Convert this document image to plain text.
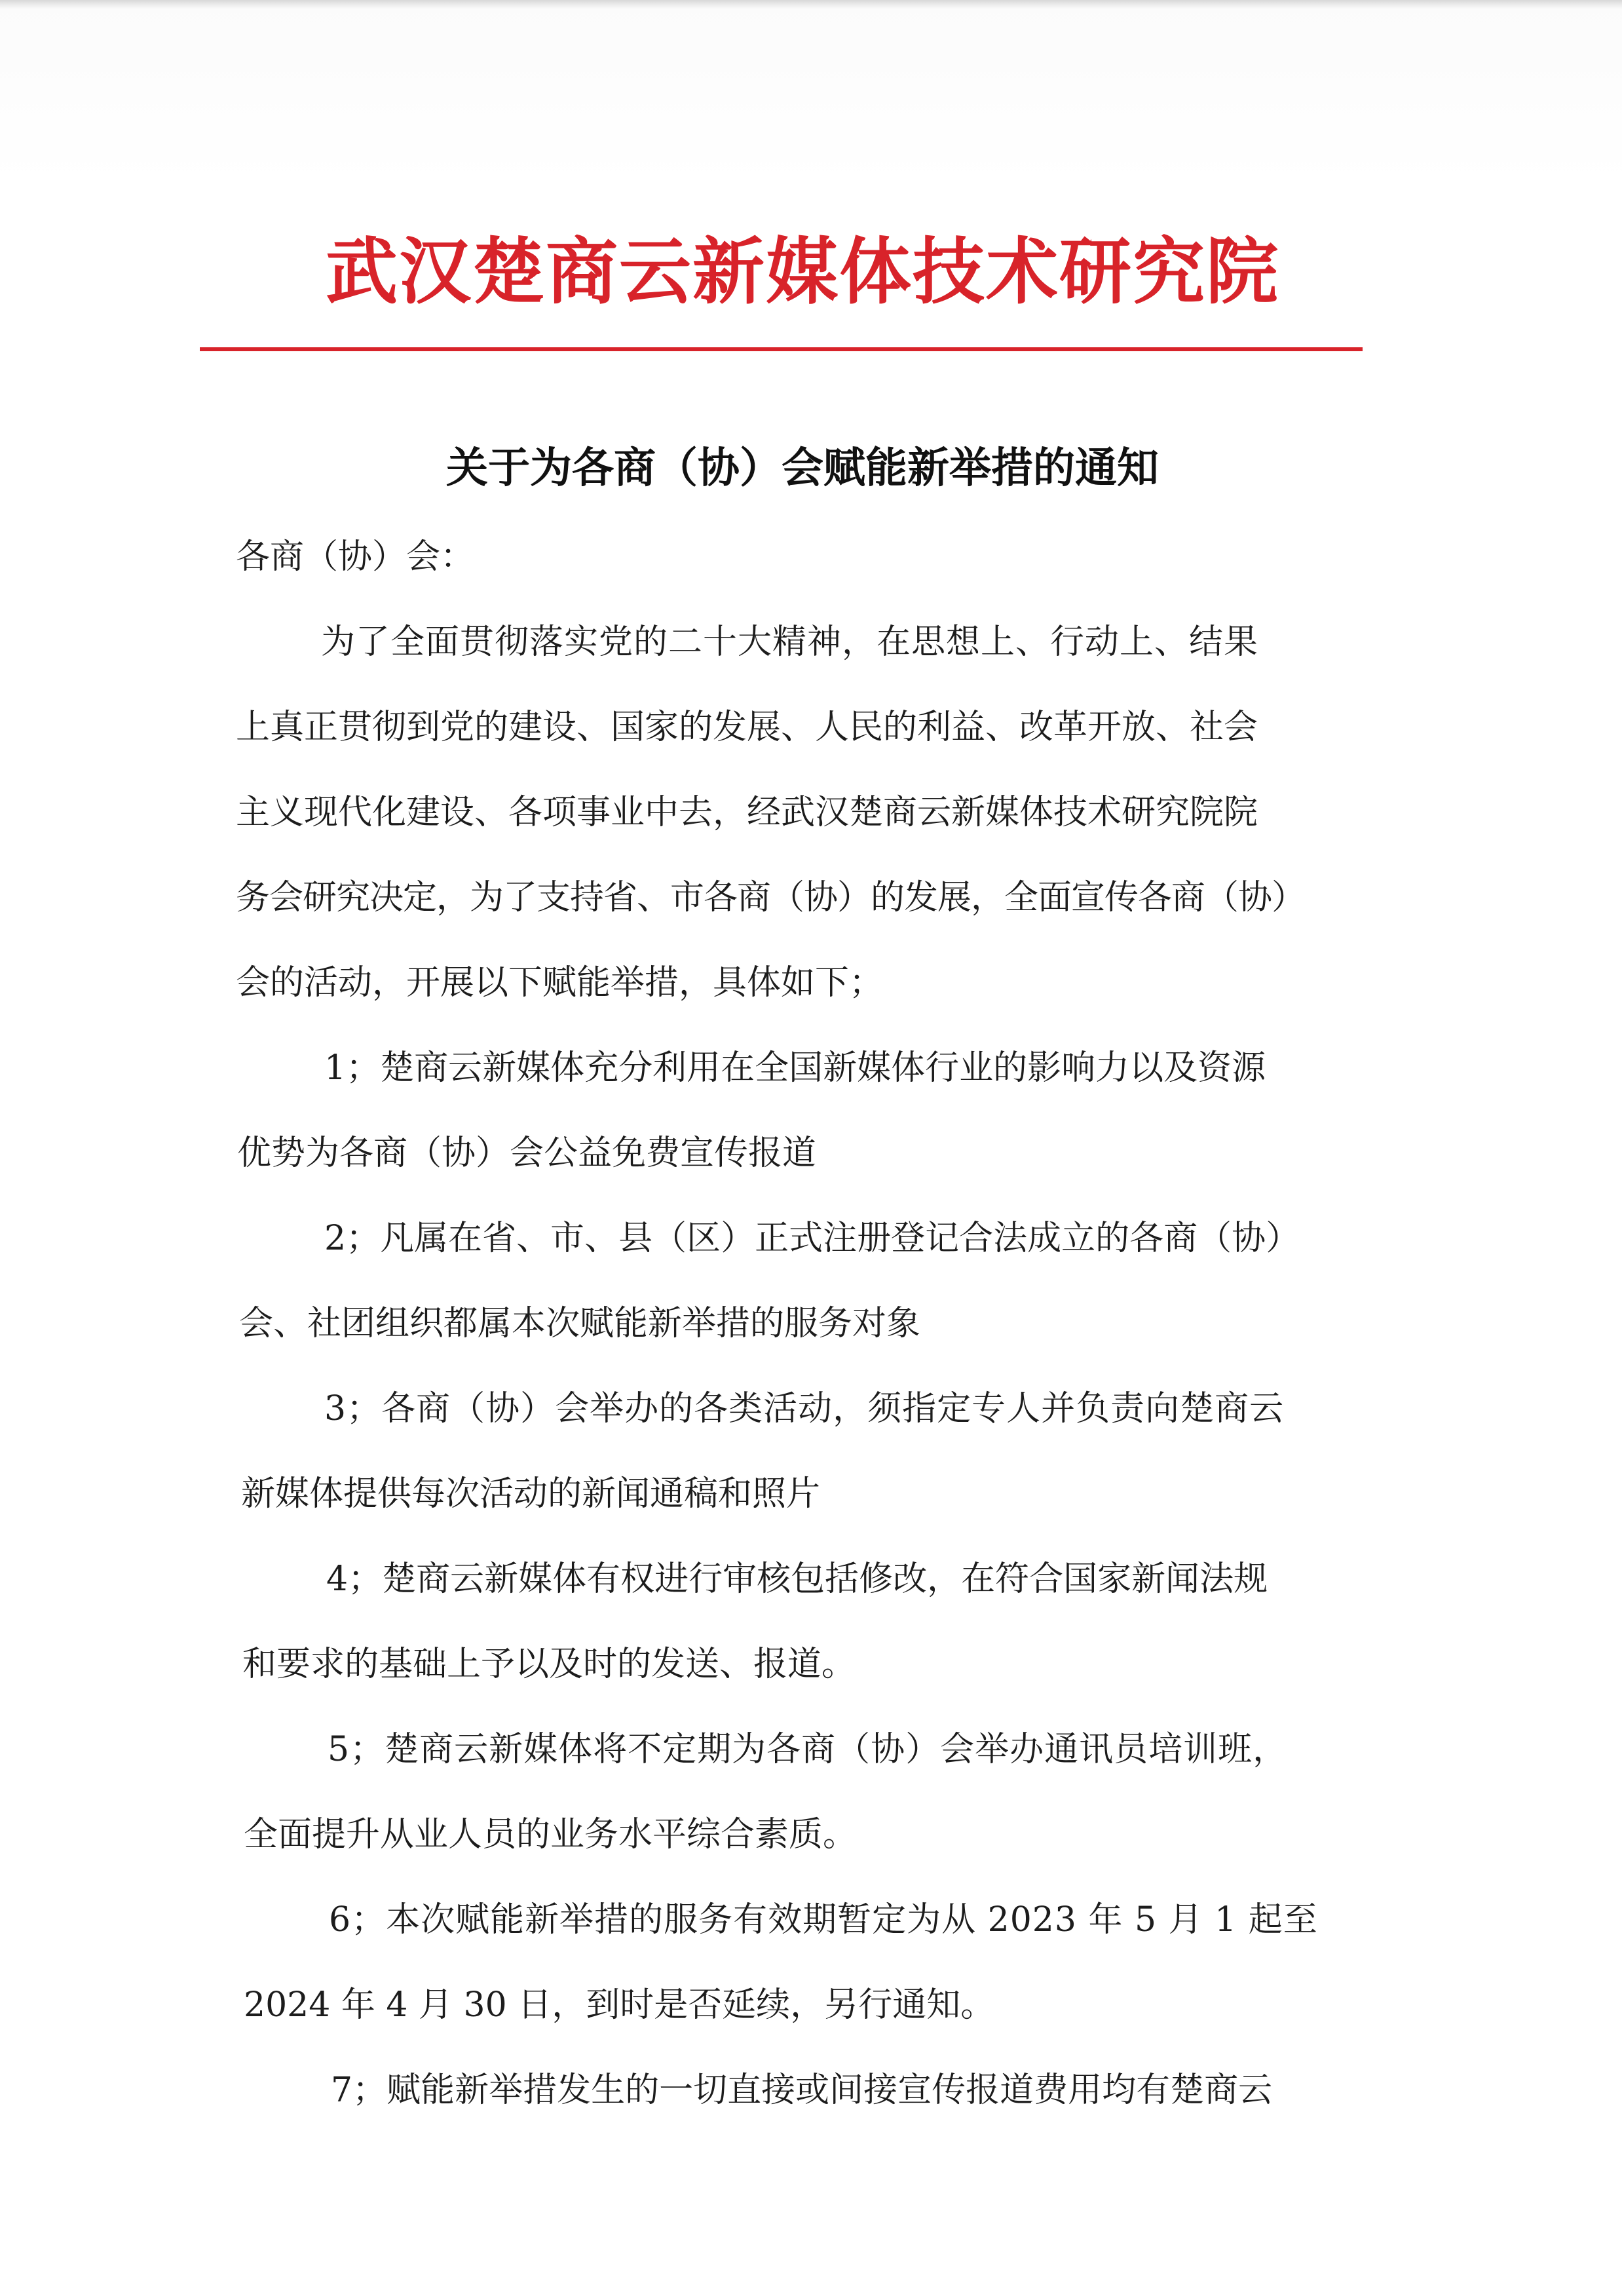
武汉楚商云新媒体技术研究院
关于为各商（协）会赋能新举措的通知
各商（协）会：
为了全面贯彻落实党的二十大精神，在思想上、行动上、结果
上真正贯彻到党的建设、国家的发展、人民的利益、改革开放、社会
主义现代化建设、各项事业中去，经武汉楚商云新媒体技术研究院院
务会研究决定，为了支持省、市各商（协）的发展，全面宣传各商（协）
会的活动，开展以下赋能举措，具体如下；
1；楚商云新媒体充分利用在全国新媒体行业的影响力以及资源
优势为各商（协）会公益免费宣传报道
2；凡属在省、市、县（区）正式注册登记合法成立的各商（协）
会、社团组织都属本次赋能新举措的服务对象
3；各商（协）会举办的各类活动，须指定专人并负责向楚商云
新媒体提供每次活动的新闻通稿和照片
4；楚商云新媒体有权进行审核包括修改，在符合国家新闻法规
和要求的基础上予以及时的发送、报道。
5；楚商云新媒体将不定期为各商（协）会举办通讯员培训班，
全面提升从业人员的业务水平综合素质。
6；本次赋能新举措的服务有效期暂定为从 2023 年 5 月 1 起至
2024 年 4 月 30 日，到时是否延续，另行通知。
7；赋能新举措发生的一切直接或间接宣传报道费用均有楚商云
